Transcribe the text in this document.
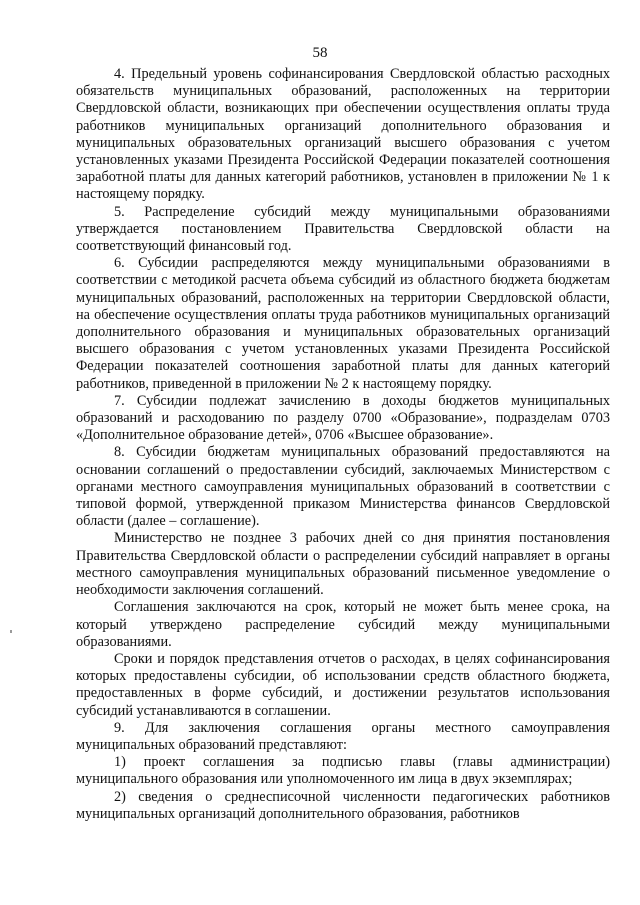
58

4. Предельный уровень софинансирования Свердловской областью расходных обязательств муниципальных образований, расположенных на территории Свердловской области, возникающих при обеспечении осуществления оплаты труда работников муниципальных организаций дополнительного образования и муниципальных образовательных организаций высшего образования с учетом установленных указами Президента Российской Федерации показателей соотношения заработной платы для данных категорий работников, установлен в приложении № 1 к настоящему порядку.

5. Распределение субсидий между муниципальными образованиями утверждается постановлением Правительства Свердловской области на соответствующий финансовый год.

6. Субсидии распределяются между муниципальными образованиями в соответствии с методикой расчета объема субсидий из областного бюджета бюджетам муниципальных образований, расположенных на территории Свердловской области, на обеспечение осуществления оплаты труда работников муниципальных организаций дополнительного образования и муниципальных образовательных организаций высшего образования с учетом установленных указами Президента Российской Федерации показателей соотношения заработной платы для данных категорий работников, приведенной в приложении № 2 к настоящему порядку.

7. Субсидии подлежат зачислению в доходы бюджетов муниципальных образований и расходованию по разделу 0700 «Образование», подразделам 0703 «Дополнительное образование детей», 0706 «Высшее образование».

8. Субсидии бюджетам муниципальных образований предоставляются на основании соглашений о предоставлении субсидий, заключаемых Министерством с органами местного самоуправления муниципальных образований в соответствии с типовой формой, утвержденной приказом Министерства финансов Свердловской области (далее – соглашение).

Министерство не позднее 3 рабочих дней со дня принятия постановления Правительства Свердловской области о распределении субсидий направляет в органы местного самоуправления муниципальных образований письменное уведомление о необходимости заключения соглашений.

Соглашения заключаются на срок, который не может быть менее срока, на который утверждено распределение субсидий между муниципальными образованиями.

Сроки и порядок представления отчетов о расходах, в целях софинансирования которых предоставлены субсидии, об использовании средств областного бюджета, предоставленных в форме субсидий, и достижении результатов использования субсидий устанавливаются в соглашении.

9. Для заключения соглашения органы местного самоуправления муниципальных образований представляют:

1) проект соглашения за подписью главы (главы администрации) муниципального образования или уполномоченного им лица в двух экземплярах;

2) сведения о среднесписочной численности педагогических работников муниципальных организаций дополнительного образования, работников
